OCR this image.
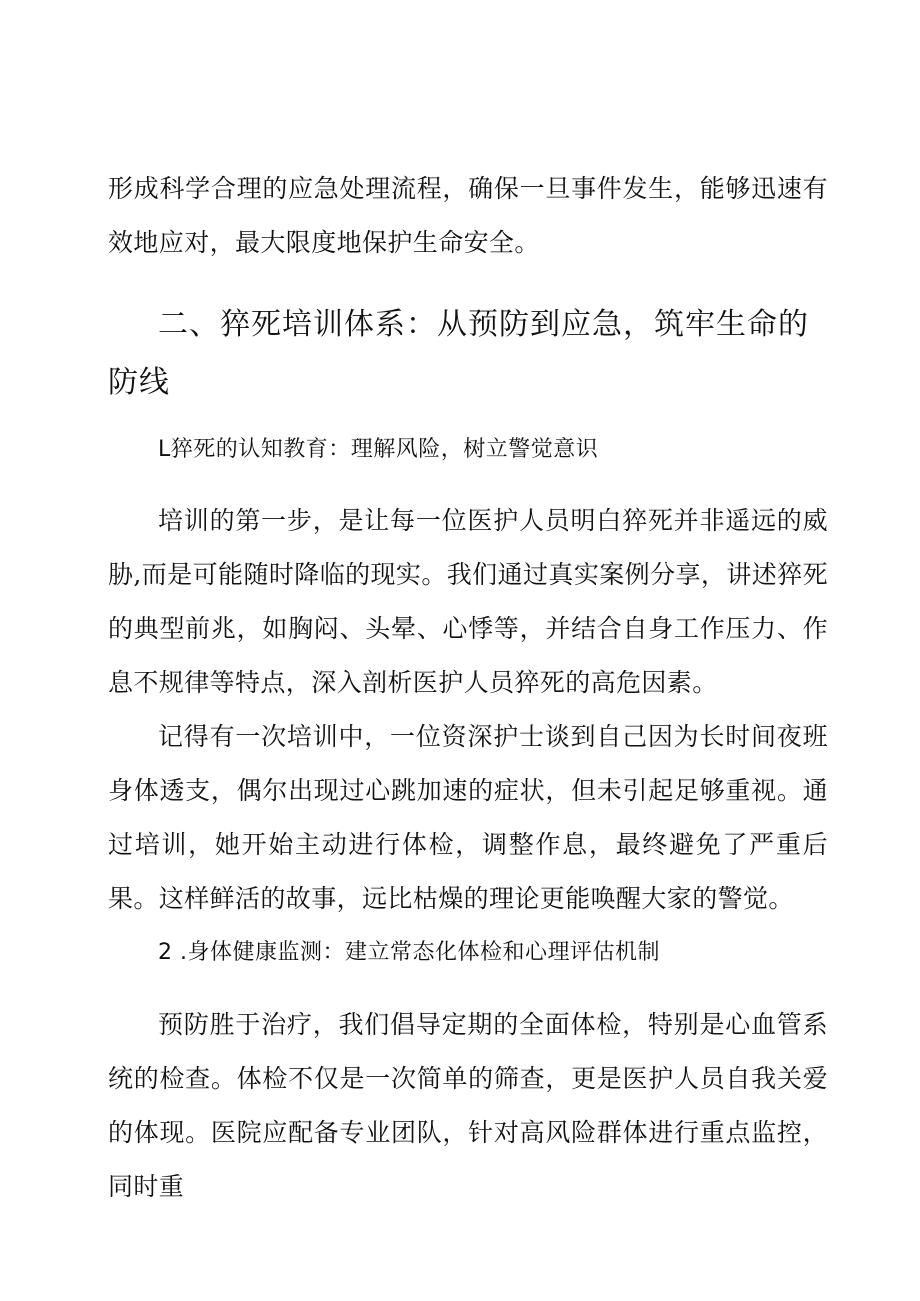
形成科学合理的应急处理流程，确保一旦事件发生，能够迅速有效地应对，最大限度地保护生命安全。

二、猝死培训体系：从预防到应急，筑牢生命的防线
L猝死的认知教育：理解风险，树立警觉意识

培训的第一步，是让每一位医护人员明白猝死并非遥远的威胁,而是可能随时降临的现实。我们通过真实案例分享，讲述猝死的典型前兆，如胸闷、头晕、心悸等，并结合自身工作压力、作息不规律等特点，深入剖析医护人员猝死的高危因素。

记得有一次培训中，一位资深护士谈到自己因为长时间夜班身体透支，偶尔出现过心跳加速的症状，但未引起足够重视。通过培训，她开始主动进行体检，调整作息，最终避免了严重后果。这样鲜活的故事，远比枯燥的理论更能唤醒大家的警觉。

2 .身体健康监测：建立常态化体检和心理评估机制

预防胜于治疗，我们倡导定期的全面体检，特别是心血管系统的检查。体检不仅是一次简单的筛查，更是医护人员自我关爱的体现。医院应配备专业团队，针对高风险群体进行重点监控，同时重
